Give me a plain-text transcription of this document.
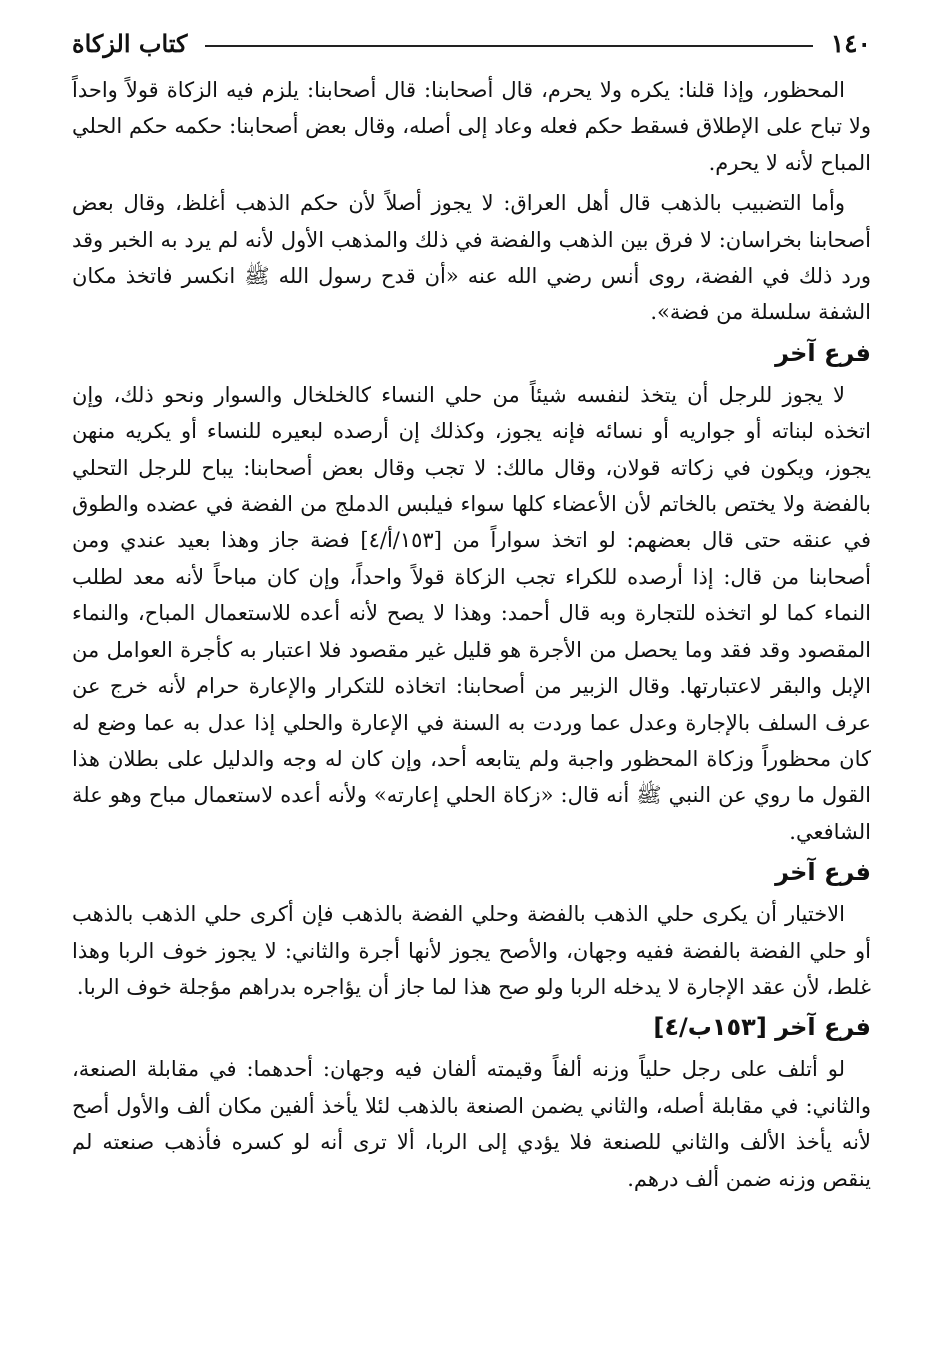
١٤٠
كتاب الزكاة

المحظور، وإذا قلنا: يكره ولا يحرم، قال أصحابنا: قال أصحابنا: يلزم فيه الزكاة قولاً واحداً ولا تباح على الإطلاق فسقط حكم فعله وعاد إلى أصله، وقال بعض أصحابنا: حكمه حكم الحلي المباح لأنه لا يحرم.

وأما التضبيب بالذهب قال أهل العراق: لا يجوز أصلاً لأن حكم الذهب أغلظ، وقال بعض أصحابنا بخراسان: لا فرق بين الذهب والفضة في ذلك والمذهب الأول لأنه لم يرد به الخبر وقد ورد ذلك في الفضة، روى أنس رضي الله عنه «أن قدح رسول الله ﷺ انكسر فاتخذ مكان الشفة سلسلة من فضة».

فرع آخر

لا يجوز للرجل أن يتخذ لنفسه شيئاً من حلي النساء كالخلخال والسوار ونحو ذلك، وإن اتخذه لبناته أو جواريه أو نسائه فإنه يجوز، وكذلك إن أرصده لبعيره للنساء أو يكريه منهن يجوز، ويكون في زكاته قولان، وقال مالك: لا تجب وقال بعض أصحابنا: يباح للرجل التحلي بالفضة ولا يختص بالخاتم لأن الأعضاء كلها سواء فيلبس الدملج من الفضة في عضده والطوق في عنقه حتى قال بعضهم: لو اتخذ سواراً من [١٥٣/أ/٤] فضة جاز وهذا بعيد عندي ومن أصحابنا من قال: إذا أرصده للكراء تجب الزكاة قولاً واحداً، وإن كان مباحاً لأنه معد لطلب النماء كما لو اتخذه للتجارة وبه قال أحمد: وهذا لا يصح لأنه أعده للاستعمال المباح، والنماء المقصود وقد فقد وما يحصل من الأجرة هو قليل غير مقصود فلا اعتبار به كأجرة العوامل من الإبل والبقر لاعتبارتها. وقال الزبير من أصحابنا: اتخاذه للتكرار والإعارة حرام لأنه خرج عن عرف السلف بالإجارة وعدل عما وردت به السنة في الإعارة والحلي إذا عدل به عما وضع له كان محظوراً وزكاة المحظور واجبة ولم يتابعه أحد، وإن كان له وجه والدليل على بطلان هذا القول ما روي عن النبي ﷺ أنه قال: «زكاة الحلي إعارته» ولأنه أعده لاستعمال مباح وهو علة الشافعي.

فرع آخر

الاختيار أن يكرى حلي الذهب بالفضة وحلي الفضة بالذهب فإن أكرى حلي الذهب بالذهب أو حلي الفضة بالفضة ففيه وجهان، والأصح يجوز لأنها أجرة والثاني: لا يجوز خوف الربا وهذا غلط، لأن عقد الإجارة لا يدخله الربا ولو صح هذا لما جاز أن يؤاجره بدراهم مؤجلة خوف الربا.

فرع آخر [١٥٣ب/٤]

لو أتلف على رجل حلياً وزنه ألفاً وقيمته ألفان فيه وجهان: أحدهما: في مقابلة الصنعة، والثاني: في مقابلة أصله، والثاني يضمن الصنعة بالذهب لئلا يأخذ ألفين مكان ألف والأول أصح لأنه يأخذ الألف والثاني للصنعة فلا يؤدي إلى الربا، ألا ترى أنه لو كسره فأذهب صنعته لم ينقص وزنه ضمن ألف درهم.
